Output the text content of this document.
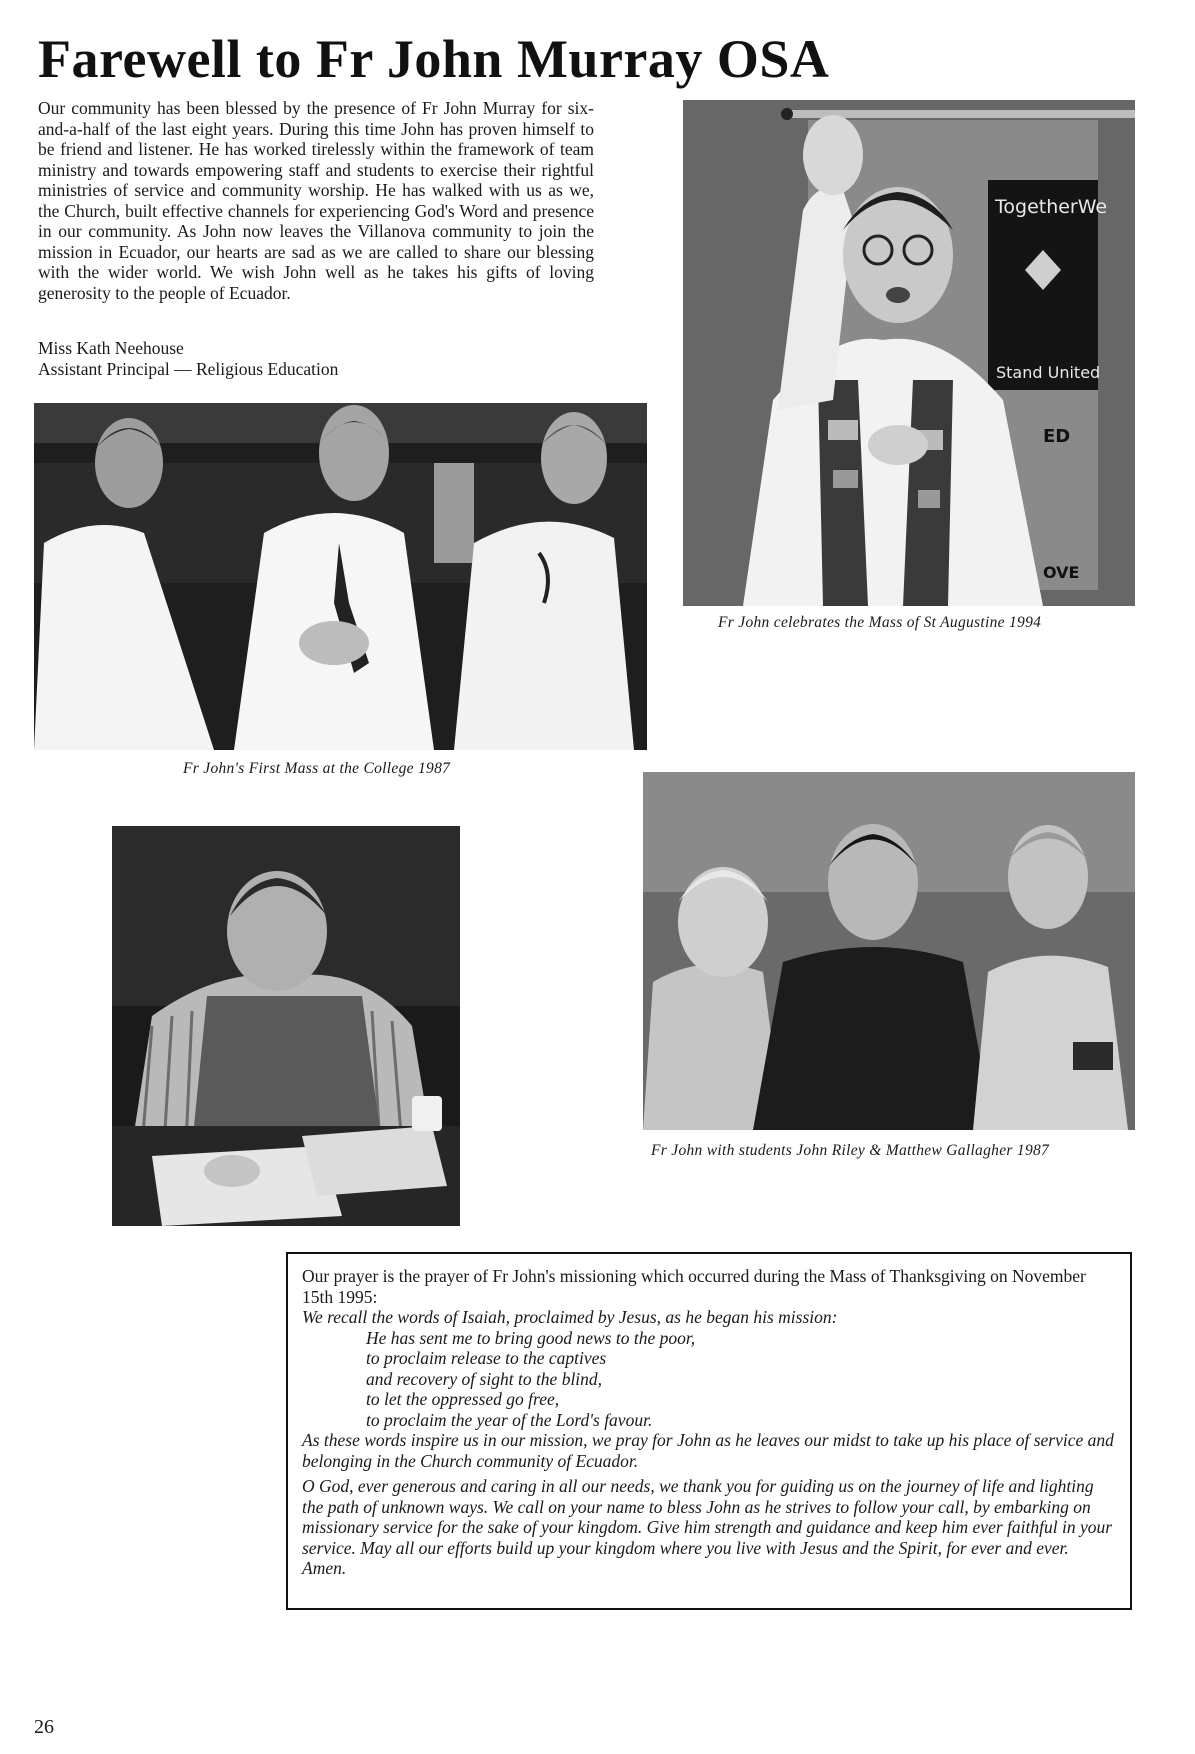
Farewell to Fr John Murray OSA

Our community has been blessed by the presence of Fr John Murray for six-and-a-half of the last eight years. During this time John has proven himself to be friend and listener. He has worked tirelessly within the framework of team ministry and towards empowering staff and students to exercise their rightful ministries of service and community worship. He has walked with us as we, the Church, built effective channels for experiencing God's Word and presence in our community. As John now leaves the Villanova community to join the mission in Ecuador, our hearts are sad as we are called to share our blessing with the wider world. We wish John well as he takes his gifts of loving generosity to the people of Ecuador.

Miss Kath Neehouse
Assistant Principal — Religious Education
TogetherWe
Stand United
ED
OVE
Fr John celebrates the Mass of St Augustine 1994
Fr John's First Mass at the College 1987
Fr John with students John Riley & Matthew Gallagher 1987

Our prayer is the prayer of Fr John's missioning which occurred during the Mass of Thanksgiving on November 15th 1995:

We recall the words of Isaiah, proclaimed by Jesus, as he began his mission:

He has sent me to bring good news to the poor,

to proclaim release to the captives

and recovery of sight to the blind,

to let the oppressed go free,

to proclaim the year of the Lord's favour.

As these words inspire us in our mission, we pray for John as he leaves our midst to take up his place of service and belonging in the Church community of Ecuador.

O God, ever generous and caring in all our needs, we thank you for guiding us on the journey of life and lighting the path of unknown ways. We call on your name to bless John as he strives to follow your call, by embarking on missionary service for the sake of your kingdom. Give him strength and guidance and keep him ever faithful in your service. May all our efforts build up your kingdom where you live with Jesus and the Spirit, for ever and ever. Amen.

26
